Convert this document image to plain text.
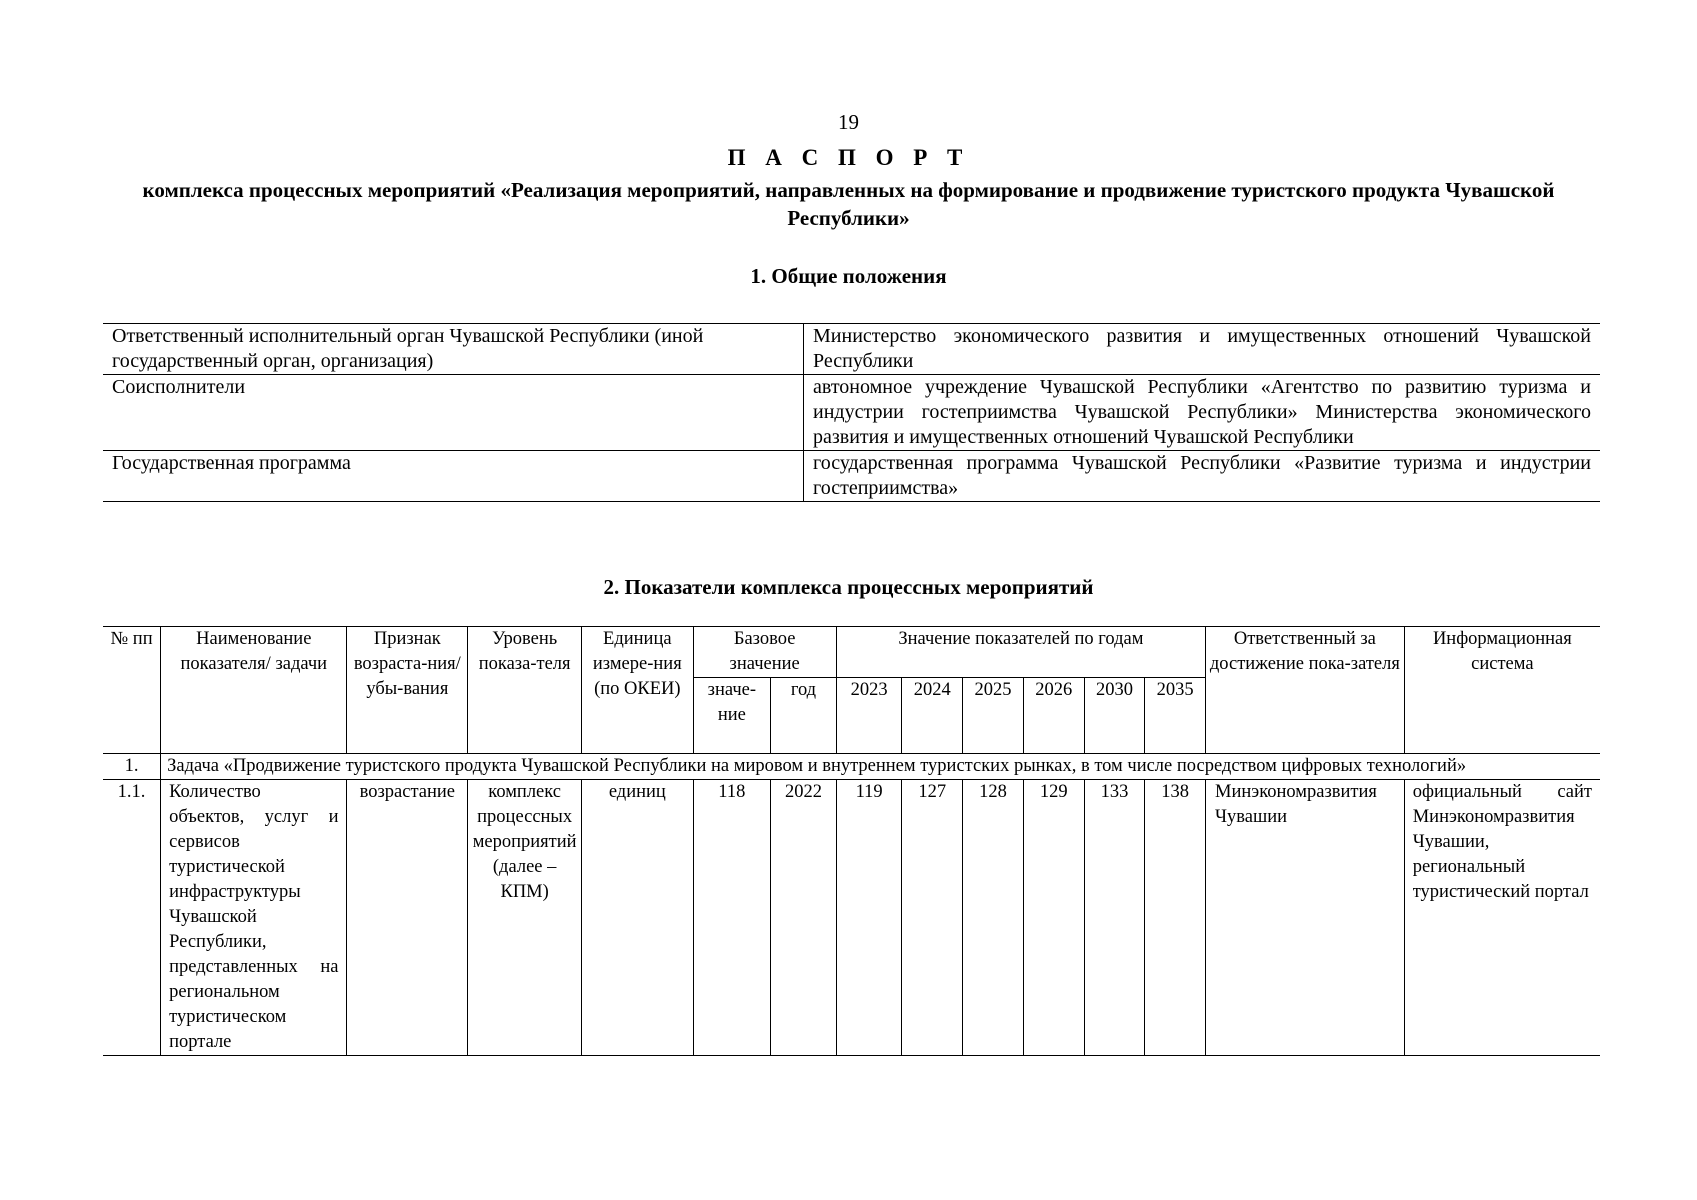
19
П А С П О Р Т
комплекса процессных мероприятий «Реализация мероприятий, направленных на формирование и продвижение туристского продукта Чувашской Республики»
1. Общие положения
Ответственный исполнительный орган Чувашской Республики (иной государственный орган, организация)	Министерство экономического развития и имущественных отношений Чувашской Республики
Соисполнители	автономное учреждение Чувашской Республики «Агентство по развитию туризма и индустрии гостеприимства Чувашской Республики» Министерства экономического развития и имущественных отношений Чувашской Республики
Государственная программа	государственная программа Чувашской Республики «Развитие туризма и индустрии гостеприимства»
2. Показатели комплекса процессных мероприятий
№ пп	Наименование показателя/ задачи	Признак возраста-ния/ убы-вания	Уровень показа-теля	Единица измере-ния (по ОКЕИ)	Базовое значение		Значение показателей по годам						Ответственный за достижение пока-зателя	Информационная система
					значе-ние	год	2023	2024	2025	2026	2030	2035		
1.	Задача «Продвижение туристского продукта Чувашской Республики на мировом и внутреннем туристских рынках, в том числе посредством цифровых технологий»													
1.1.	Количество объектов, услуг и сервисов туристической инфраструктуры Чувашской Республики, представленных на региональном туристическом портале	возрастание	комплекс процессных мероприятий (далее – КПМ)	единиц	118	2022	119	127	128	129	133	138	Минэкономразвития Чувашии	официальный сайт Минэкономразвития Чувашии, региональный туристический портал
